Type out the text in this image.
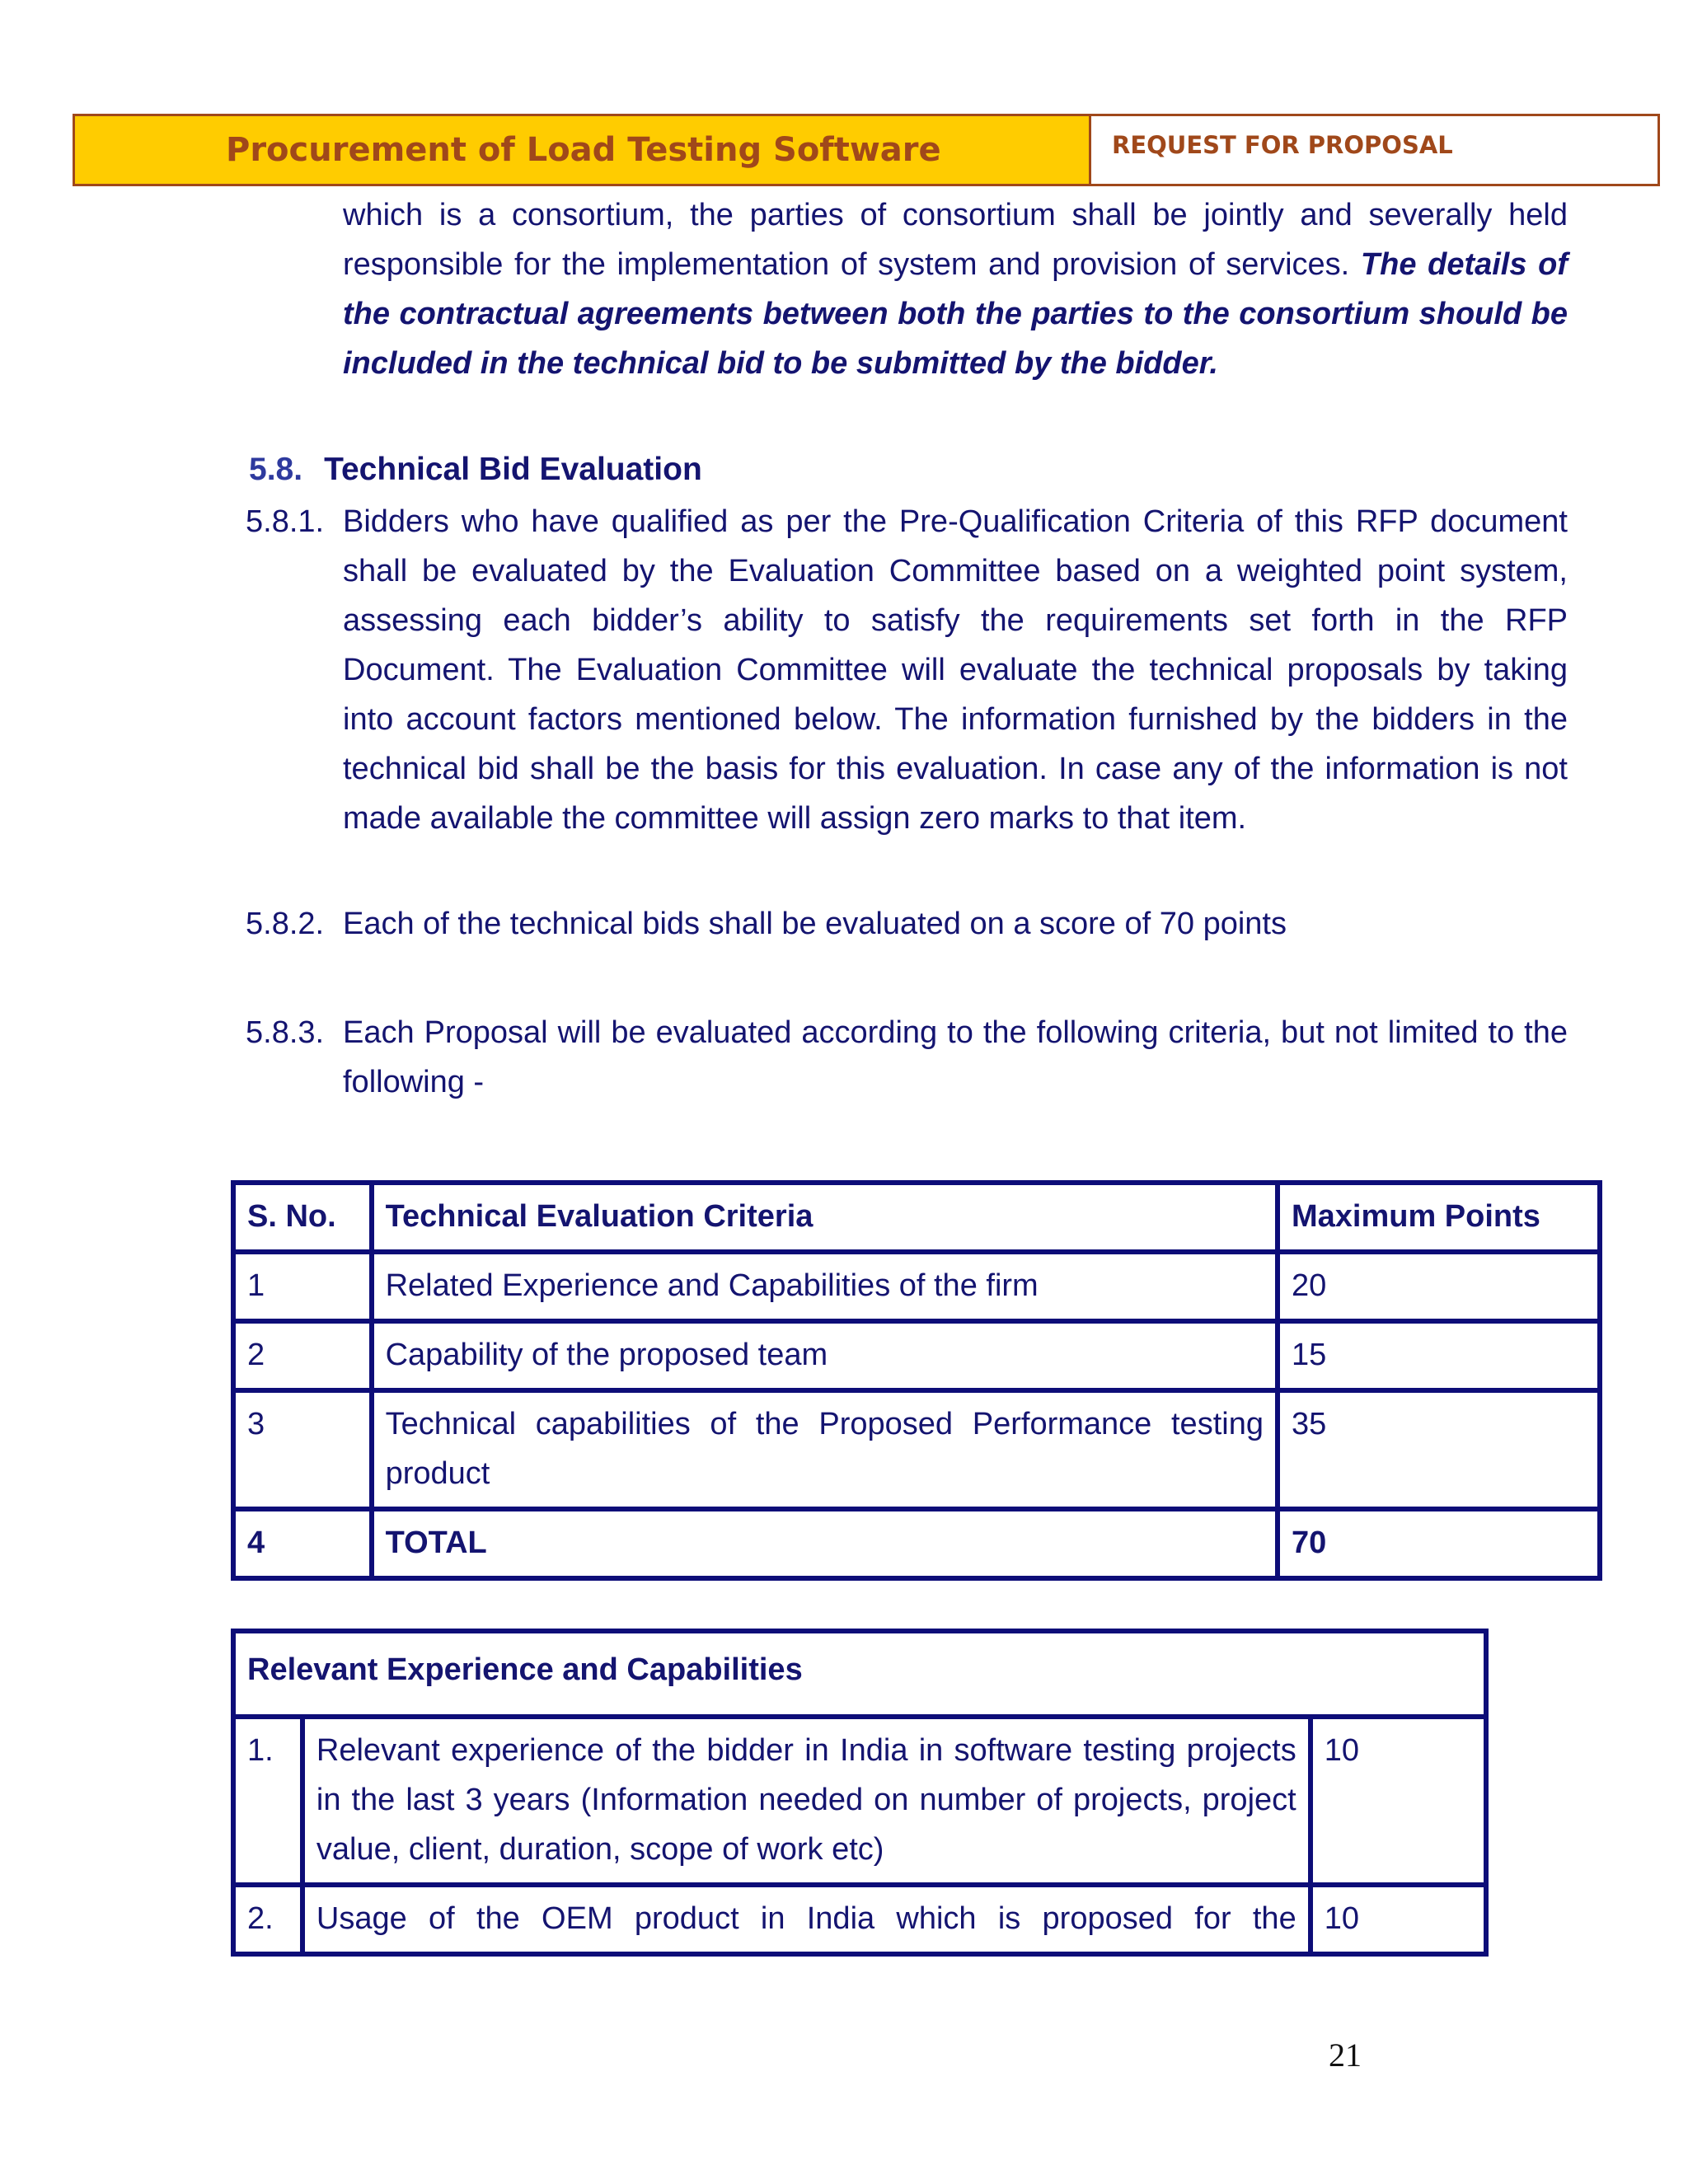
Procurement of Load Testing Software	REQUEST FOR PROPOSAL
which is a consortium, the parties of consortium shall be jointly and severally held responsible for the implementation of system and provision of services. The details of the contractual agreements between both the parties to the consortium should be included in the technical bid to be submitted by the bidder.
5.8. Technical Bid Evaluation
5.8.1. Bidders who have qualified as per the Pre-Qualification Criteria of this RFP document shall be evaluated by the Evaluation Committee based on a weighted point system, assessing each bidder’s ability to satisfy the requirements set forth in the RFP Document. The Evaluation Committee will evaluate the technical proposals by taking into account factors mentioned below. The information furnished by the bidders in the technical bid shall be the basis for this evaluation. In case any of the information is not made available the committee will assign zero marks to that item.
5.8.2. Each of the technical bids shall be evaluated on a score of 70 points
5.8.3. Each Proposal will be evaluated according to the following criteria, but not limited to the following -
S. No.	Technical Evaluation Criteria	Maximum Points
1	Related Experience and Capabilities of the firm	20
2	Capability of the proposed team	15
3	Technical capabilities of the Proposed Performance testing product	35
4	TOTAL	70
Relevant Experience and Capabilities		
1.	Relevant experience of the bidder in India in software testing projects in the last 3 years (Information needed on number of projects, project value, client, duration, scope of work etc)	10
2.	Usage of the OEM product in India which is proposed for the	10
21
